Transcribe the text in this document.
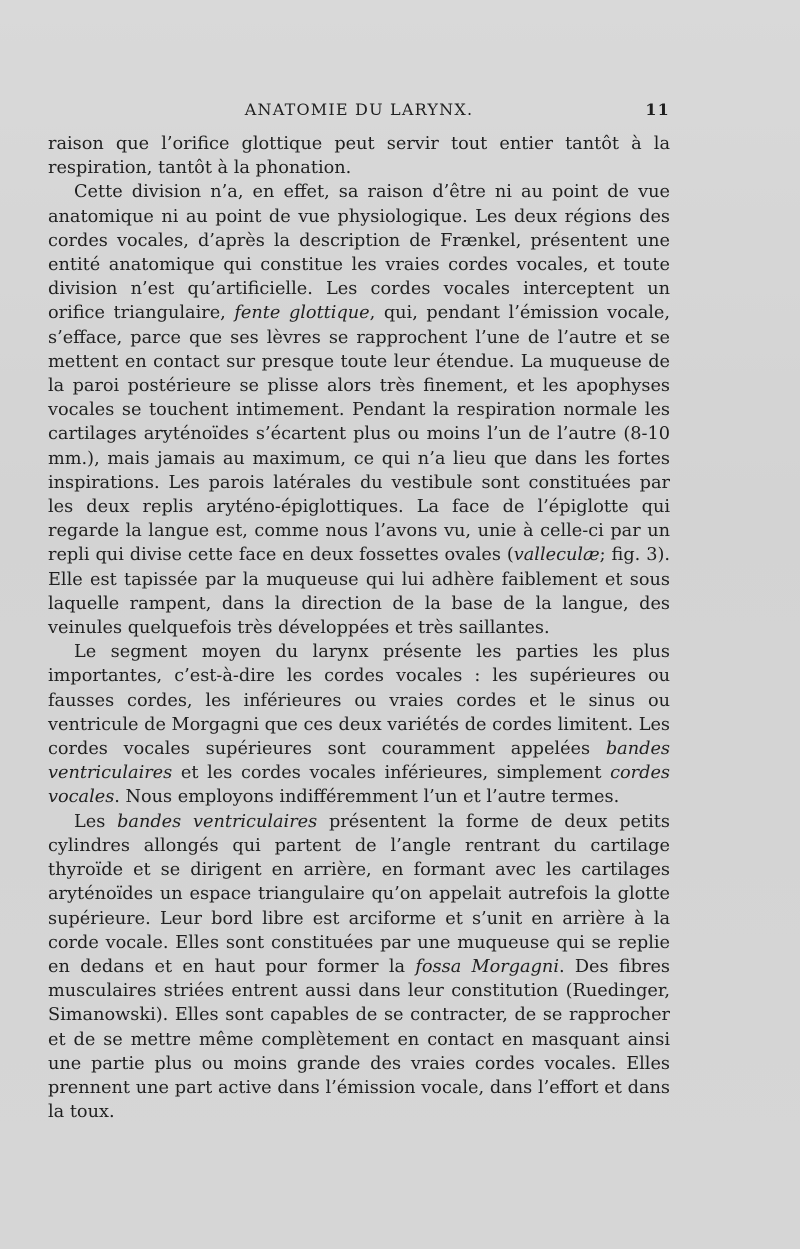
ANATOMIE DU LARYNX.	11

raison que l’orifice glottique peut servir tout entier tantôt à la respiration, tantôt à la phonation.

Cette division n’a, en effet, sa raison d’être ni au point de vue anatomique ni au point de vue physiologique. Les deux régions des cordes vocales, d’après la description de Frænkel, présentent une entité anatomique qui constitue les vraies cordes vocales, et toute division n’est qu’artificielle. Les cordes vocales interceptent un orifice triangulaire, fente glottique, qui, pendant l’émission vocale, s’efface, parce que ses lèvres se rapprochent l’une de l’autre et se mettent en contact sur presque toute leur étendue. La muqueuse de la paroi postérieure se plisse alors très finement, et les apophyses vocales se touchent intimement. Pendant la respiration normale les cartilages aryténoïdes s’écartent plus ou moins l’un de l’autre (8-10 mm.), mais jamais au maximum, ce qui n’a lieu que dans les fortes inspirations. Les parois latérales du vestibule sont constituées par les deux replis aryténo-épiglottiques. La face de l’épiglotte qui regarde la langue est, comme nous l’avons vu, unie à celle-ci par un repli qui divise cette face en deux fossettes ovales (valleculæ; fig. 3). Elle est tapissée par la muqueuse qui lui adhère faiblement et sous laquelle rampent, dans la direction de la base de la langue, des veinules quelquefois très développées et très saillantes.

Le segment moyen du larynx présente les parties les plus importantes, c’est-à-dire les cordes vocales : les supérieures ou fausses cordes, les inférieures ou vraies cordes et le sinus ou ventricule de Morgagni que ces deux variétés de cordes limitent. Les cordes vocales supérieures sont couramment appelées bandes ventriculaires et les cordes vocales inférieures, simplement cordes vocales. Nous employons indifféremment l’un et l’autre termes.

Les bandes ventriculaires présentent la forme de deux petits cylindres allongés qui partent de l’angle rentrant du cartilage thyroïde et se dirigent en arrière, en formant avec les cartilages aryténoïdes un espace triangulaire qu’on appelait autrefois la glotte supérieure. Leur bord libre est arciforme et s’unit en arrière à la corde vocale. Elles sont constituées par une muqueuse qui se replie en dedans et en haut pour former la fossa Morgagni. Des fibres musculaires striées entrent aussi dans leur constitution (Ruedinger, Simanowski). Elles sont capables de se contracter, de se rapprocher et de se mettre même complètement en contact en masquant ainsi une partie plus ou moins grande des vraies cordes vocales. Elles prennent une part active dans l’émission vocale, dans l’effort et dans la toux.
